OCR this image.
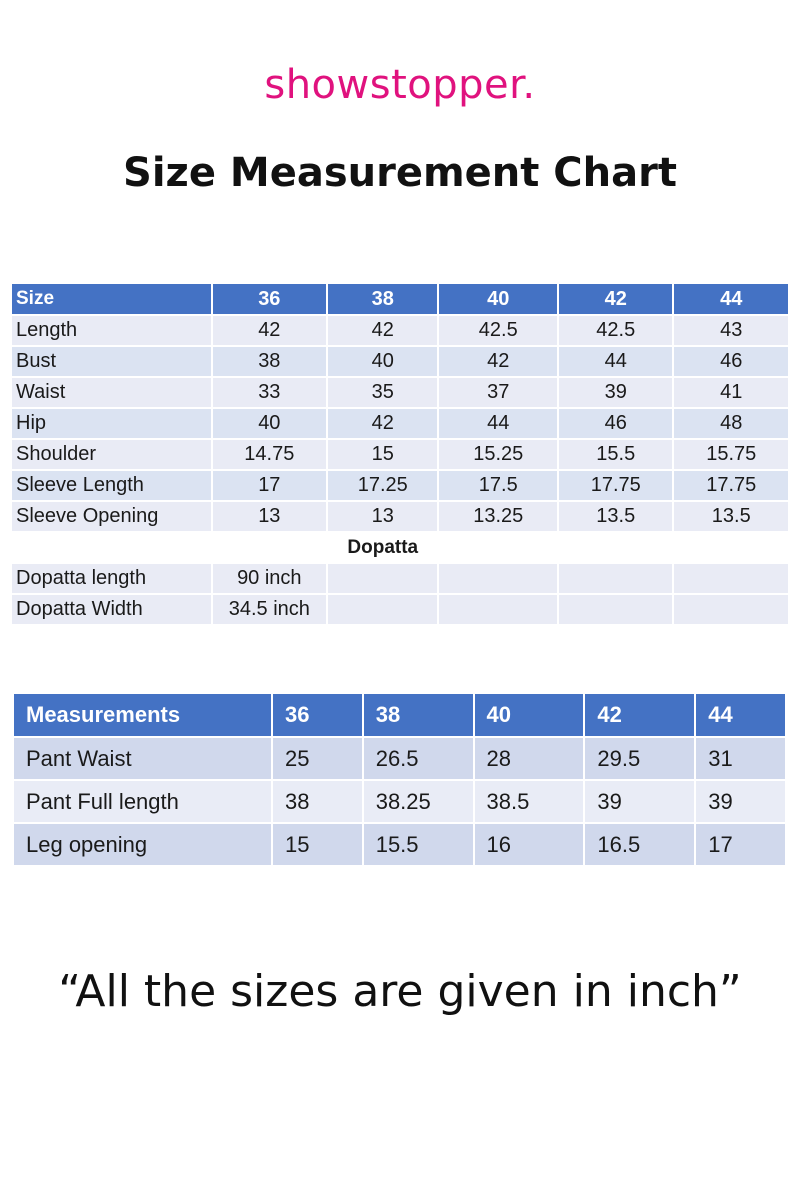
showstopper.
Size Measurement Chart
Size	36	38	40	42	44
Length	42	42	42.5	42.5	43
Bust	38	40	42	44	46
Waist	33	35	37	39	41
Hip	40	42	44	46	48
Shoulder	14.75	15	15.25	15.5	15.75
Sleeve Length	17	17.25	17.5	17.75	17.75
Sleeve Opening	13	13	13.25	13.5	13.5
		Dopatta			
Dopatta length	90 inch				
Dopatta Width	34.5 inch				
Measurements	36	38	40	42	44
Pant Waist	25	26.5	28	29.5	31
Pant Full length	38	38.25	38.5	39	39
Leg opening	15	15.5	16	16.5	17
“All the sizes are given in inch”
